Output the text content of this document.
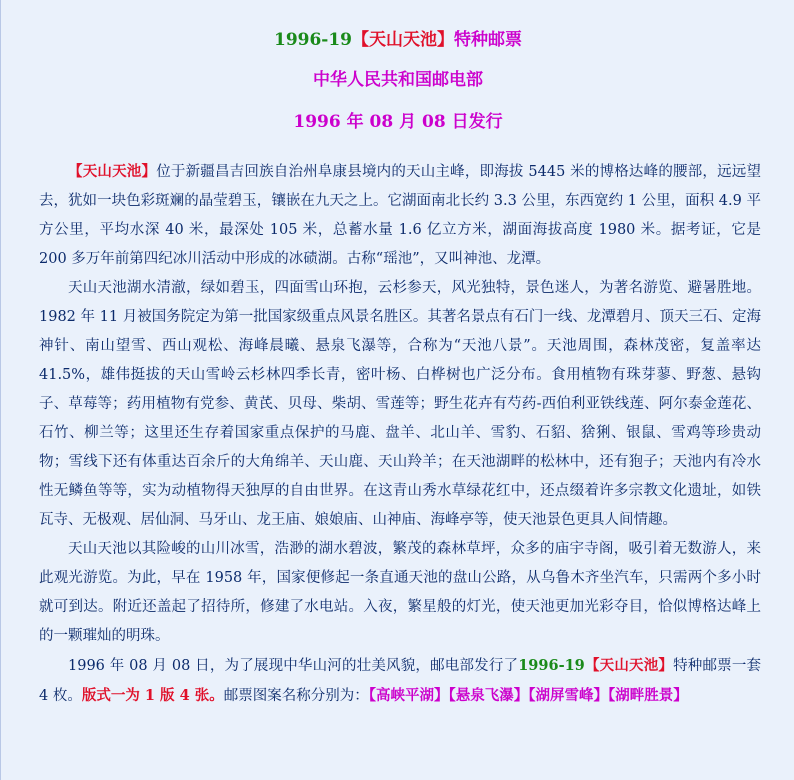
1996-19【天山天池】特种邮票
中华人民共和国邮电部
1996 年 08 月 08 日发行

【天山天池】位于新疆昌吉回族自治州阜康县境内的天山主峰，即海拔 5445 米的博格达峰的腰部，远远望去，犹如一块色彩斑斓的晶莹碧玉，镶嵌在九天之上。它湖面南北长约 3.3 公里，东西宽约 1 公里，面积 4.9 平方公里，平均水深 40 米，最深处 105 米，总蓄水量 1.6 亿立方米，湖面海拔高度 1980 米。据考证，它是 200 多万年前第四纪冰川活动中形成的冰碛湖。古称“瑶池”，又叫神池、龙潭。

天山天池湖水清澈，绿如碧玉，四面雪山环抱，云杉参天，风光独特，景色迷人，为著名游览、避暑胜地。1982 年 11 月被国务院定为第一批国家级重点风景名胜区。其著名景点有石门一线、龙潭碧月、顶天三石、定海神针、南山望雪、西山观松、海峰晨曦、悬泉飞瀑等，合称为“天池八景”。天池周围，森林茂密，复盖率达 41.5%，雄伟挺拔的天山雪岭云杉林四季长青，密叶杨、白桦树也广泛分布。食用植物有珠芽蓼、野葱、悬钩子、草莓等；药用植物有党参、黄芪、贝母、柴胡、雪莲等；野生花卉有芍药-西伯利亚铁线莲、阿尔泰金莲花、石竹、柳兰等；这里还生存着国家重点保护的马鹿、盘羊、北山羊、雪豹、石貂、猞猁、银鼠、雪鸡等珍贵动物；雪线下还有体重达百余斤的大角绵羊、天山鹿、天山羚羊；在天池湖畔的松林中，还有狍子；天池内有冷水性无鳞鱼等等，实为动植物得天独厚的自由世界。在这青山秀水草绿花红中，还点缀着许多宗教文化遗址，如铁瓦寺、无极观、居仙洞、马牙山、龙王庙、娘娘庙、山神庙、海峰亭等，使天池景色更具人间情趣。

天山天池以其险峻的山川冰雪，浩渺的湖水碧波，繁茂的森林草坪，众多的庙宇寺阁，吸引着无数游人，来此观光游览。为此，早在 1958 年，国家便修起一条直通天池的盘山公路，从乌鲁木齐坐汽车，只需两个多小时就可到达。附近还盖起了招待所，修建了水电站。入夜，繁星般的灯光，使天池更加光彩夺目，恰似博格达峰上的一颗璀灿的明珠。

1996 年 08 月 08 日，为了展现中华山河的壮美风貌，邮电部发行了1996-19【天山天池】特种邮票一套 4 枚。版式一为 1 版 4 张。邮票图案名称分别为：【高峡平湖】【悬泉飞瀑】【湖屏雪峰】【湖畔胜景】
